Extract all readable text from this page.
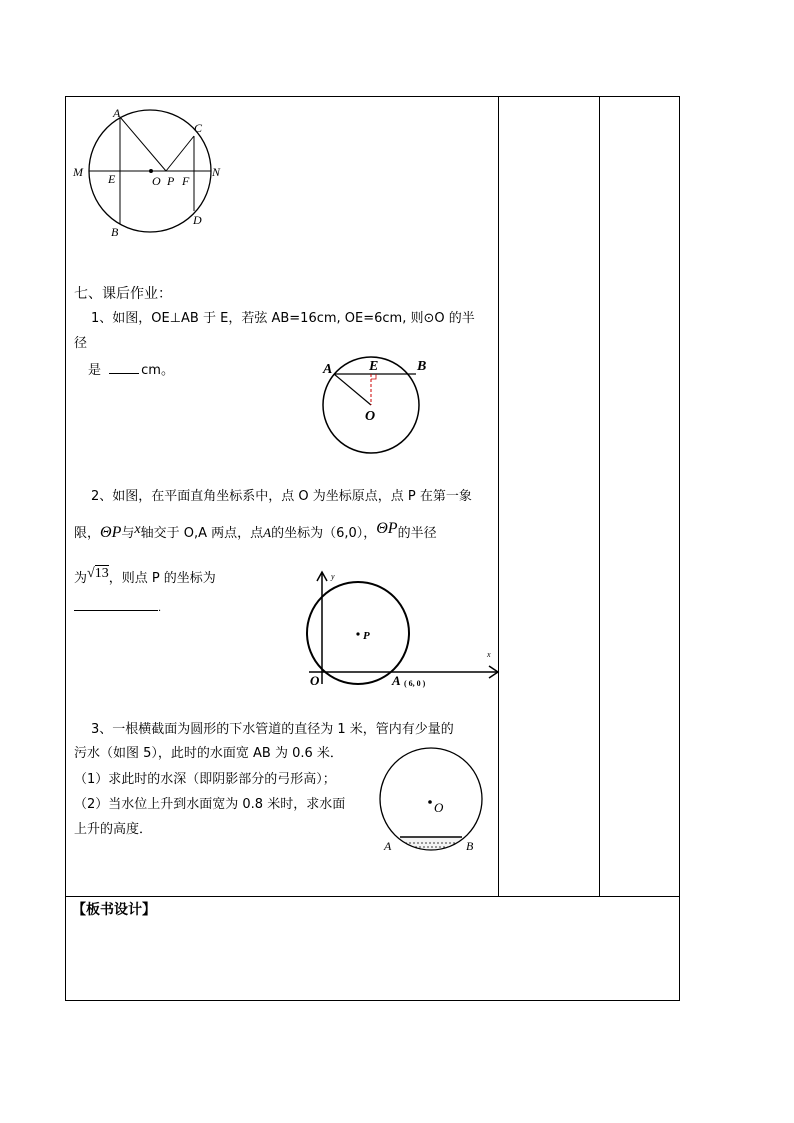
A
C
M	N
E	O P F
D
B
七、课后作业：
1、如图，OE⊥AB 于 E，若弦 AB=16cm, OE=6cm, 则⊙O 的半
径
是	cm。	A	E	B
O
2、如图，在平面直角坐标系中，点 O 为坐标原点，点 P 在第一象
限，ΘP与x轴交于 O,A 两点，点A的坐标为（6,0），ΘP的半径
为√13，则点 P 的坐标为
.
y
x
P
O	A ( 6, 0 )
3、一根横截面为圆形的下水管道的直径为 1 米，管内有少量的
污水（如图 5），此时的水面宽 AB 为 0.6 米．
（1）求此时的水深（即阴影部分的弓形高）；
（2）当水位上升到水面宽为 0.8 米时，求水面
上升的高度．
O
A	B
【板书设计】
